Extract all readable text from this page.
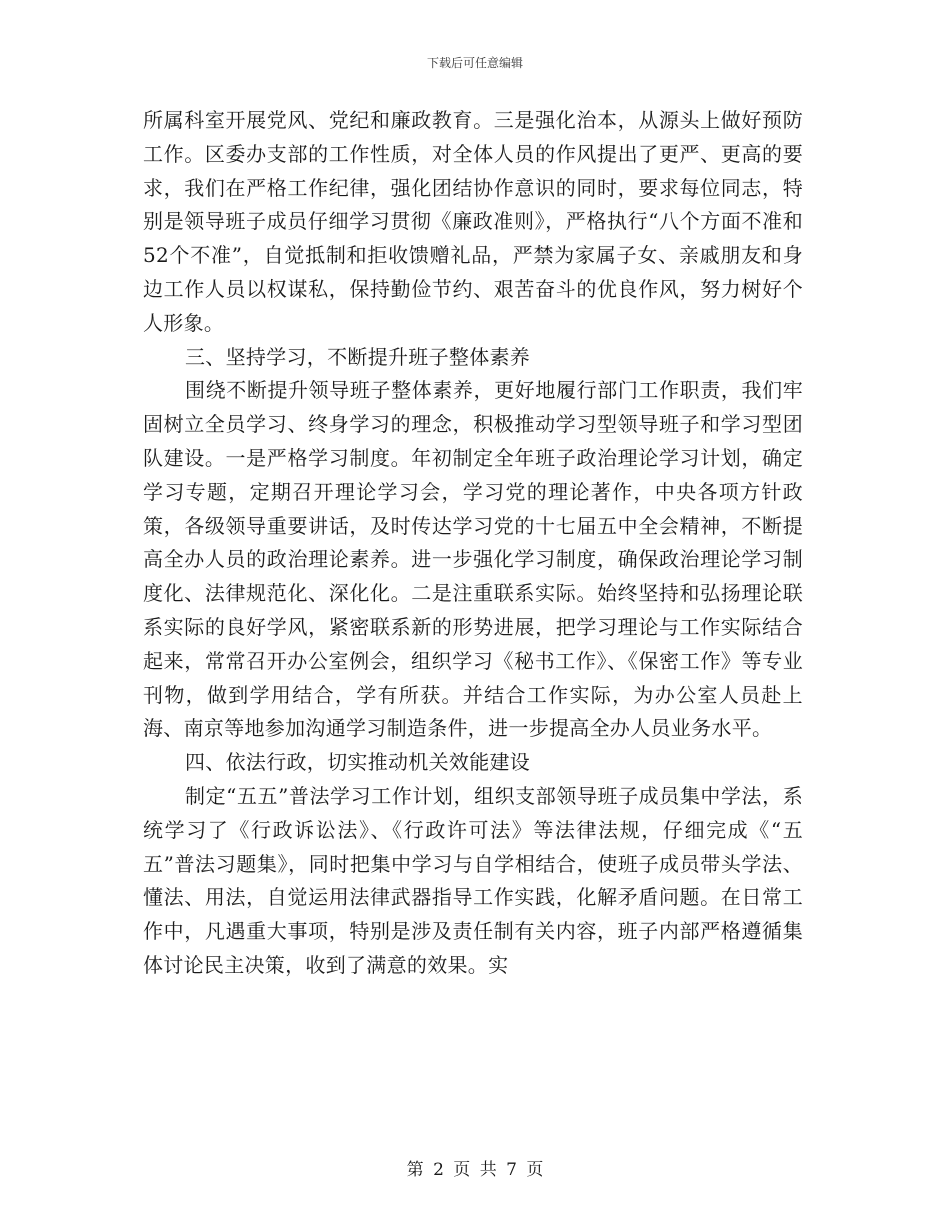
下载后可任意编辑

所属科室开展党风、党纪和廉政教育。三是强化治本，从源头上做好预防工作。区委办支部的工作性质，对全体人员的作风提出了更严、更高的要求，我们在严格工作纪律，强化团结协作意识的同时，要求每位同志，特别是领导班子成员仔细学习贯彻《廉政准则》，严格执行“八个方面不准和52个不准”，自觉抵制和拒收馈赠礼品，严禁为家属子女、亲戚朋友和身边工作人员以权谋私，保持勤俭节约、艰苦奋斗的优良作风，努力树好个人形象。

三、坚持学习，不断提升班子整体素养

围绕不断提升领导班子整体素养，更好地履行部门工作职责，我们牢固树立全员学习、终身学习的理念，积极推动学习型领导班子和学习型团队建设。一是严格学习制度。年初制定全年班子政治理论学习计划，确定学习专题，定期召开理论学习会，学习党的理论著作，中央各项方针政策，各级领导重要讲话，及时传达学习党的十七届五中全会精神，不断提高全办人员的政治理论素养。进一步强化学习制度，确保政治理论学习制度化、法律规范化、深化化。二是注重联系实际。始终坚持和弘扬理论联系实际的良好学风，紧密联系新的形势进展，把学习理论与工作实际结合起来，常常召开办公室例会，组织学习《秘书工作》、《保密工作》等专业刊物，做到学用结合，学有所获。并结合工作实际，为办公室人员赴上海、南京等地参加沟通学习制造条件，进一步提高全办人员业务水平。

四、依法行政，切实推动机关效能建设

制定“五五”普法学习工作计划，组织支部领导班子成员集中学法，系统学习了《行政诉讼法》、《行政许可法》等法律法规，仔细完成《“五五”普法习题集》，同时把集中学习与自学相结合，使班子成员带头学法、懂法、用法，自觉运用法律武器指导工作实践，化解矛盾问题。在日常工作中，凡遇重大事项，特别是涉及责任制有关内容，班子内部严格遵循集体讨论民主决策，收到了满意的效果。实

第 2 页 共 7 页
